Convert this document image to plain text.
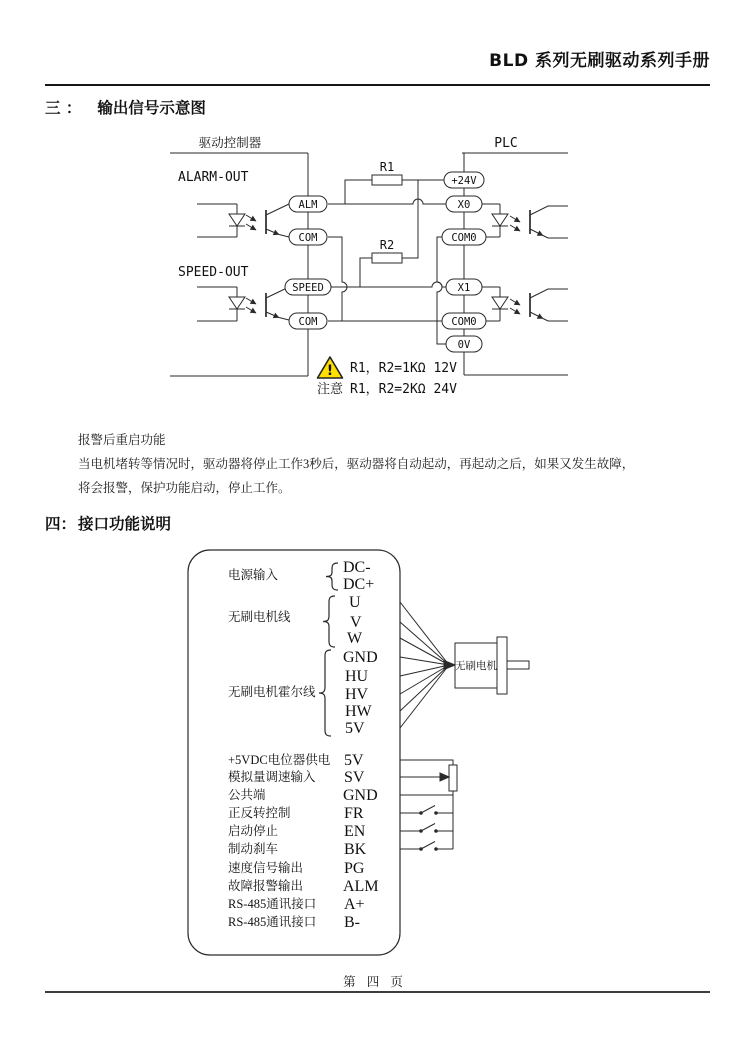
BLD 系列无刷驱动系列手册
三 ： 输出信号示意图
R1
R2
ALM
COM
SPEED
COM
+24V
X0
COM0
X1
COM0
0V
驱动控制器	PLC
ALARM-OUT
SPEED-OUT
!
注意
R1，R2=1KΩ 12V
R1，R2=2KΩ 24V
报警后重启功能
当电机堵转等情况时，驱动器将停止工作3秒后，驱动器将自动起动，再起动之后，如果又发生故障，
将会报警，保护功能启动，停止工作。
四： 接口功能说明
无刷电机
电源输入
无刷电机线
无刷电机霍尔线
+5VDC电位器供电
模拟量调速输入
公共端
正反转控制
启动停止
制动刹车
速度信号输出
故障报警输出
RS-485通讯接口
RS-485通讯接口
DC-
DC+
U
V
W
GND
HU
HV
HW
5V
5V
SV
GND
FR
EN
BK
PG
ALM
A+
B-
第 四 页
